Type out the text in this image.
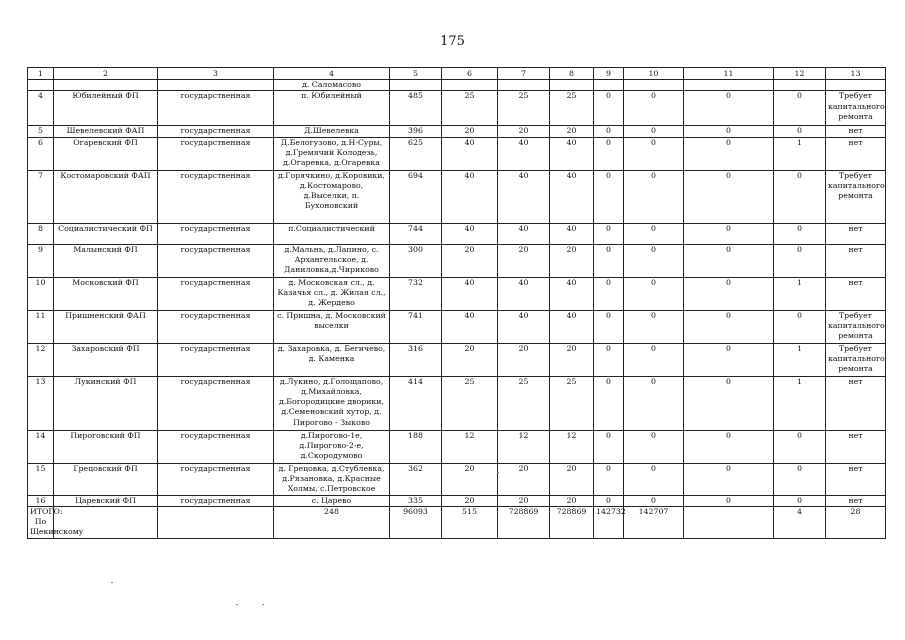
175
1	2	3	4	5	6	7	8	9	10	11	12	13
			д. Саломасово									
4	Юбилейный ФП	государственная	п. Юбилейный	485	25	25	25	0	0	0	0	Требует капитального ремонта
5	Шевелевский ФАП	государственная	Д.Шевелевка	396	20	20	20	0	0	0	0	нет
6	Огаревский ФП	государственная	Д.Белогузово, д.Н-Суры, д.Гремячий Колодезь, д.Огаревка, д.Огаревка	625	40	40	40	0	0	0	1	нет
7	Костомаровский ФАП	государственная	д.Горячкино, д.Коровики, д.Костомарово, д.Выселки, п. Бухоновский	694	40	40	40	0	0	0	0	Требует капитального ремонта
8	Социалистический ФП	государственная	п.Социалистический	744	40	40	40	0	0	0	0	нет
9	Малынский ФП	государственная	д.Мальнь, д.Лапино, с. Архангельское, д. Даниловка,д.Чириково	300	20	20	20	0	0	0	0	нет
10	Московский ФП	государственная	д. Московская сл., д. Казачья сл., д. Жилая сл., д. Жердево	732	40	40	40	0	0	0	1	нет
11	Пришненский ФАП	государственная	с. Пришна, д. Московский выселки	741	40	40	40	0	0	0	0	Требует капитального ремонта
12	Захаровский ФП	государственная	д. Захаровка, д. Бегичево, д. Каменка	316	20	20	20	0	0	0	1	Требует капитального ремонта
13	Лукинский ФП	государственная	д.Лукино, д.Голощапово, д.Михайловка, д.Богородицкие дворики, д.Семеновский хутор, д. Пирогово - Зыково	414	25	25	25	0	0	0	1	нет
14	Пироговский ФП	государственная	д.Пирогово-1е, д.Пирогово-2-е, д.Скородумово	188	12	12	12	0	0	0	0	нет
15	Грецовский ФП	государственная	д. Грецовка, д.Стублевка, д.Рязановка, д.Красные Холмы, с.Петровское	362	20	20	20	0	0	0	0	нет
16	Царевский ФП	государственная	с. Царево	335	20	20	20	0	0	0	0	нет
ИТОГО: По Щекинскому			248	96093	515	728869	728869	142732	142707		4	28
